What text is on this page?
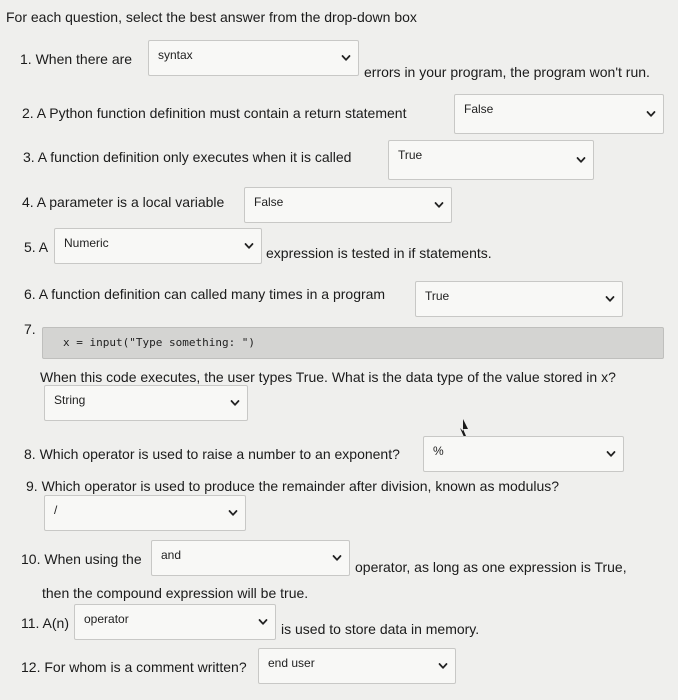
For each question, select the best answer from the drop-down box
1. When there are syntax
errors in your program, the program won't run.
2. A Python function definition must contain a return statement	False
3. A function definition only executes when it is called	True
4. A parameter is a local variable False
5. A Numeric
expression is tested in if statements.
6. A function definition can called many times in a program	True
7.
x = input("Type something: ")
When this code executes, the user types True. What is the data type of the value stored in x?
String
8. Which operator is used to raise a number to an exponent?	%
9. Which operator is used to produce the remainder after division, known as modulus?
/
10. When using the and
operator, as long as one expression is True,
then the compound expression will be true.
11. A(n) operator
is used to store data in memory.
12. For whom is a comment written? end user
